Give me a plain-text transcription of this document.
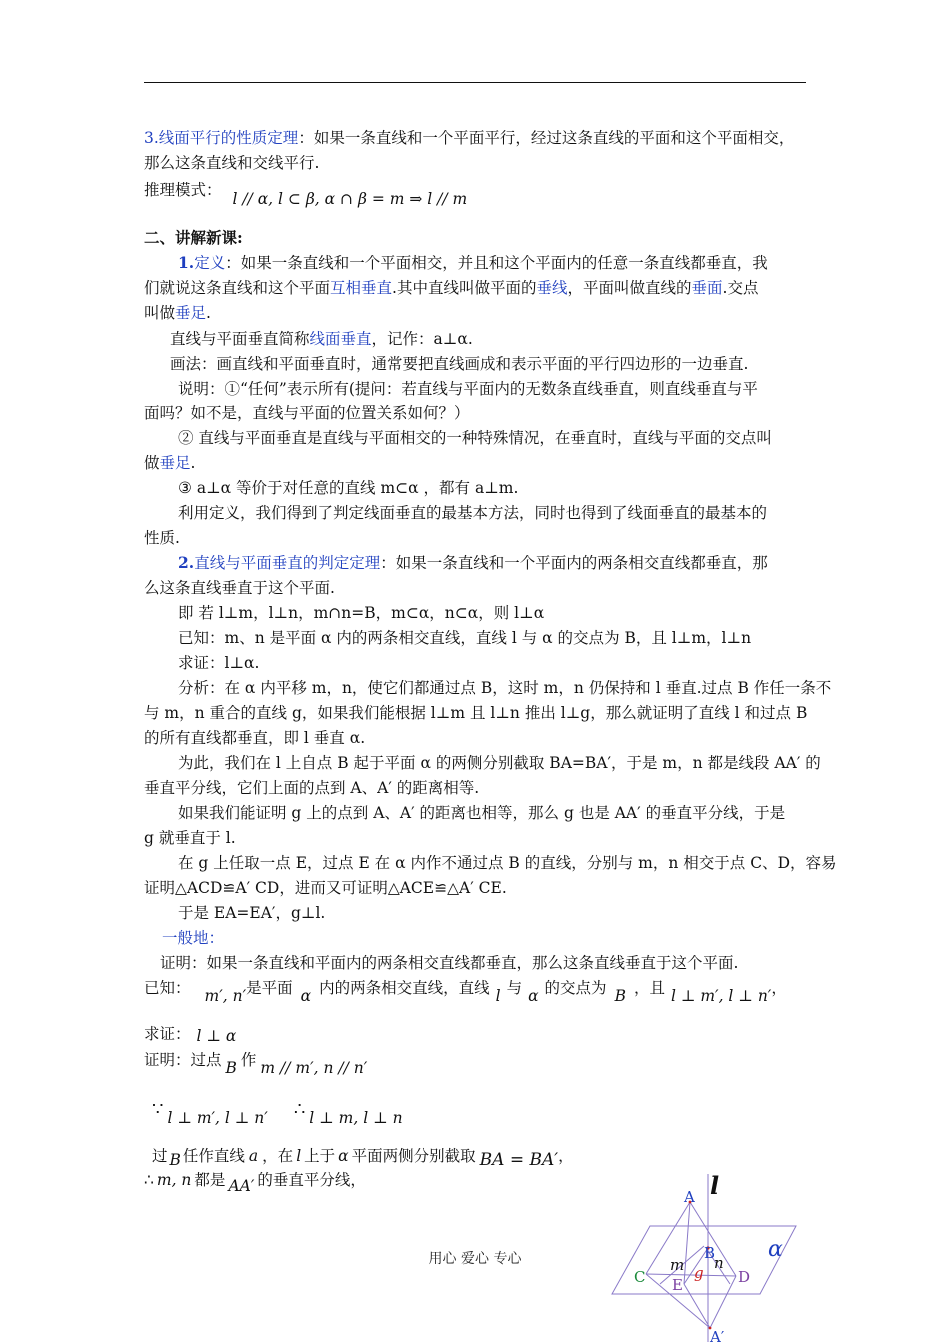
3.线面平行的性质定理：如果一条直线和一个平面平行，经过这条直线的平面和这个平面相交，
那么这条直线和交线平行.
推理模式： l // α, l ⊂ β, α ∩ β = m ⇒ l // m
二、讲解新课:
1.定义：如果一条直线和一个平面相交，并且和这个平面内的任意一条直线都垂直，我
们就说这条直线和这个平面互相垂直.其中直线叫做平面的垂线，平面叫做直线的垂面.交点
叫做垂足.
直线与平面垂直简称线面垂直，记作：a⊥α.
画法：画直线和平面垂直时，通常要把直线画成和表示平面的平行四边形的一边垂直.
说明：①“任何”表示所有(提问：若直线与平面内的无数条直线垂直，则直线垂直与平
面吗？如不是，直线与平面的位置关系如何？）
② 直线与平面垂直是直线与平面相交的一种特殊情况，在垂直时，直线与平面的交点叫
做垂足.
③ a⊥α 等价于对任意的直线 m⊂α ，都有 a⊥m.
利用定义，我们得到了判定线面垂直的最基本方法，同时也得到了线面垂直的最基本的
性质.
2.直线与平面垂直的判定定理：如果一条直线和一个平面内的两条相交直线都垂直，那
么这条直线垂直于这个平面.
即 若 l⊥m，l⊥n，m∩n=B，m⊂α，n⊂α，则 l⊥α
已知：m、n 是平面 α 内的两条相交直线，直线 l 与 α 的交点为 B，且 l⊥m，l⊥n
求证：l⊥α.
分析：在 α 内平移 m，n，使它们都通过点 B，这时 m，n 仍保持和 l 垂直.过点 B 作任一条不
与 m，n 重合的直线 g，如果我们能根据 l⊥m 且 l⊥n 推出 l⊥g，那么就证明了直线 l 和过点 B
的所有直线都垂直，即 l 垂直 α.
为此，我们在 l 上自点 B 起于平面 α 的两侧分别截取 BA=BA′，于是 m，n 都是线段 AA′ 的
垂直平分线，它们上面的点到 A、A′ 的距离相等.
如果我们能证明 g 上的点到 A、A′ 的距离也相等，那么 g 也是 AA′ 的垂直平分线，于是
g 就垂直于 l.
在 g 上任取一点 E，过点 E 在 α 内作不通过点 B 的直线，分别与 m，n 相交于点 C、D，容易
证明△ACD≌A′ CD，进而又可证明△ACE≌△A′ CE.
于是 EA=EA′，g⊥l.
一般地：
证明：如果一条直线和平面内的两条相交直线都垂直，那么这条直线垂直于这个平面.
已知： m′, n′是平面 α 内的两条相交直线，直线 l 与 α 的交点为 B ，且 l ⊥ m′, l ⊥ n′，
求证： l ⊥ α
证明：过点 B 作 m // m′, n // n′
∵ l ⊥ m′, l ⊥ n′ ∴ l ⊥ m, l ⊥ n
过 B 任作直线 a ，在 l 上于 α 平面两侧分别截取 BA = BA′，
∴ m, n 都是 AA′ 的垂直平分线，	l
A
B α
m n
g
C	D
E
A′
用心 爱心 专心
